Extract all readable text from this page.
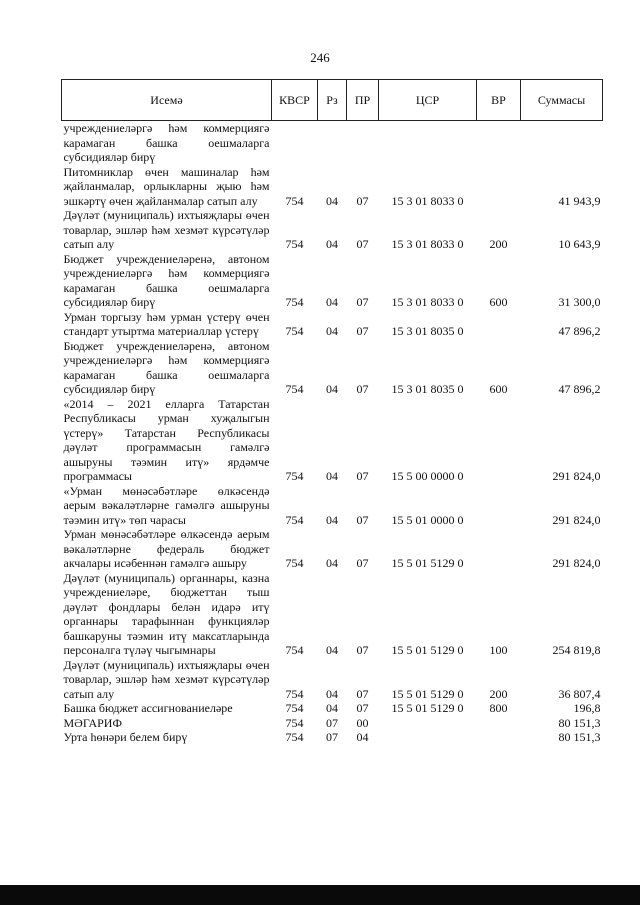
246
Исемә	КВСР	Рз	ПР	ЦСР	ВР	Суммасы
учреждениеләргә һәм коммерциягә карамаган башка оешмаларга субсидияләр бирү						
Питомниклар өчен машиналар һәм җайланмалар, орлыкларны җыю һәм эшкәртү өчен җайланмалар сатып алу	754	04	07	15 3 01 8033 0		41 943,9
Дәүләт (муниципаль) ихтыяҗлары өчен товарлар, эшләр һәм хезмәт күрсәтүләр сатып алу	754	04	07	15 3 01 8033 0	200	10 643,9
Бюджет учреждениеләренә, автоном учреждениеләргә һәм коммерциягә карамаган башка оешмаларга субсидияләр бирү	754	04	07	15 3 01 8033 0	600	31 300,0
Урман торгызу һәм урман үстерү өчен стандарт утыртма материаллар үстерү	754	04	07	15 3 01 8035 0		47 896,2
Бюджет учреждениеләренә, автоном учреждениеләргә һәм коммерциягә карамаган башка оешмаларга субсидияләр бирү	754	04	07	15 3 01 8035 0	600	47 896,2
«2014 – 2021 елларга Татарстан Республикасы урман хуҗалыгын үстерү» Татарстан Республикасы дәүләт программасын гамәлгә ашыруны тәэмин итү» ярдәмче программасы	754	04	07	15 5 00 0000 0		291 824,0
«Урман мөнәсәбәтләре өлкәсендә аерым вәкаләтләрне гамәлгә ашыруны тәэмин итү» төп чарасы	754	04	07	15 5 01 0000 0		291 824,0
Урман мөнәсәбәтләре өлкәсендә аерым вәкаләтләрне федераль бюджет акчалары исәбеннән гамәлгә ашыру	754	04	07	15 5 01 5129 0		291 824,0
Дәүләт (муниципаль) органнары, казна учреждениеләре, бюджеттан тыш дәүләт фондлары белән идарә итү органнары тарафыннан функцияләр башкаруны тәэмин итү максатларында персоналга түләү чыгымнары	754	04	07	15 5 01 5129 0	100	254 819,8
Дәүләт (муниципаль) ихтыяҗлары өчен товарлар, эшләр һәм хезмәт күрсәтүләр сатып алу	754	04	07	15 5 01 5129 0	200	36 807,4
Башка бюджет ассигнованиеләре	754	04	07	15 5 01 5129 0	800	196,8
МӘГАРИФ	754	07	00			80 151,3
Урта һөнәри белем бирү	754	07	04			80 151,3
